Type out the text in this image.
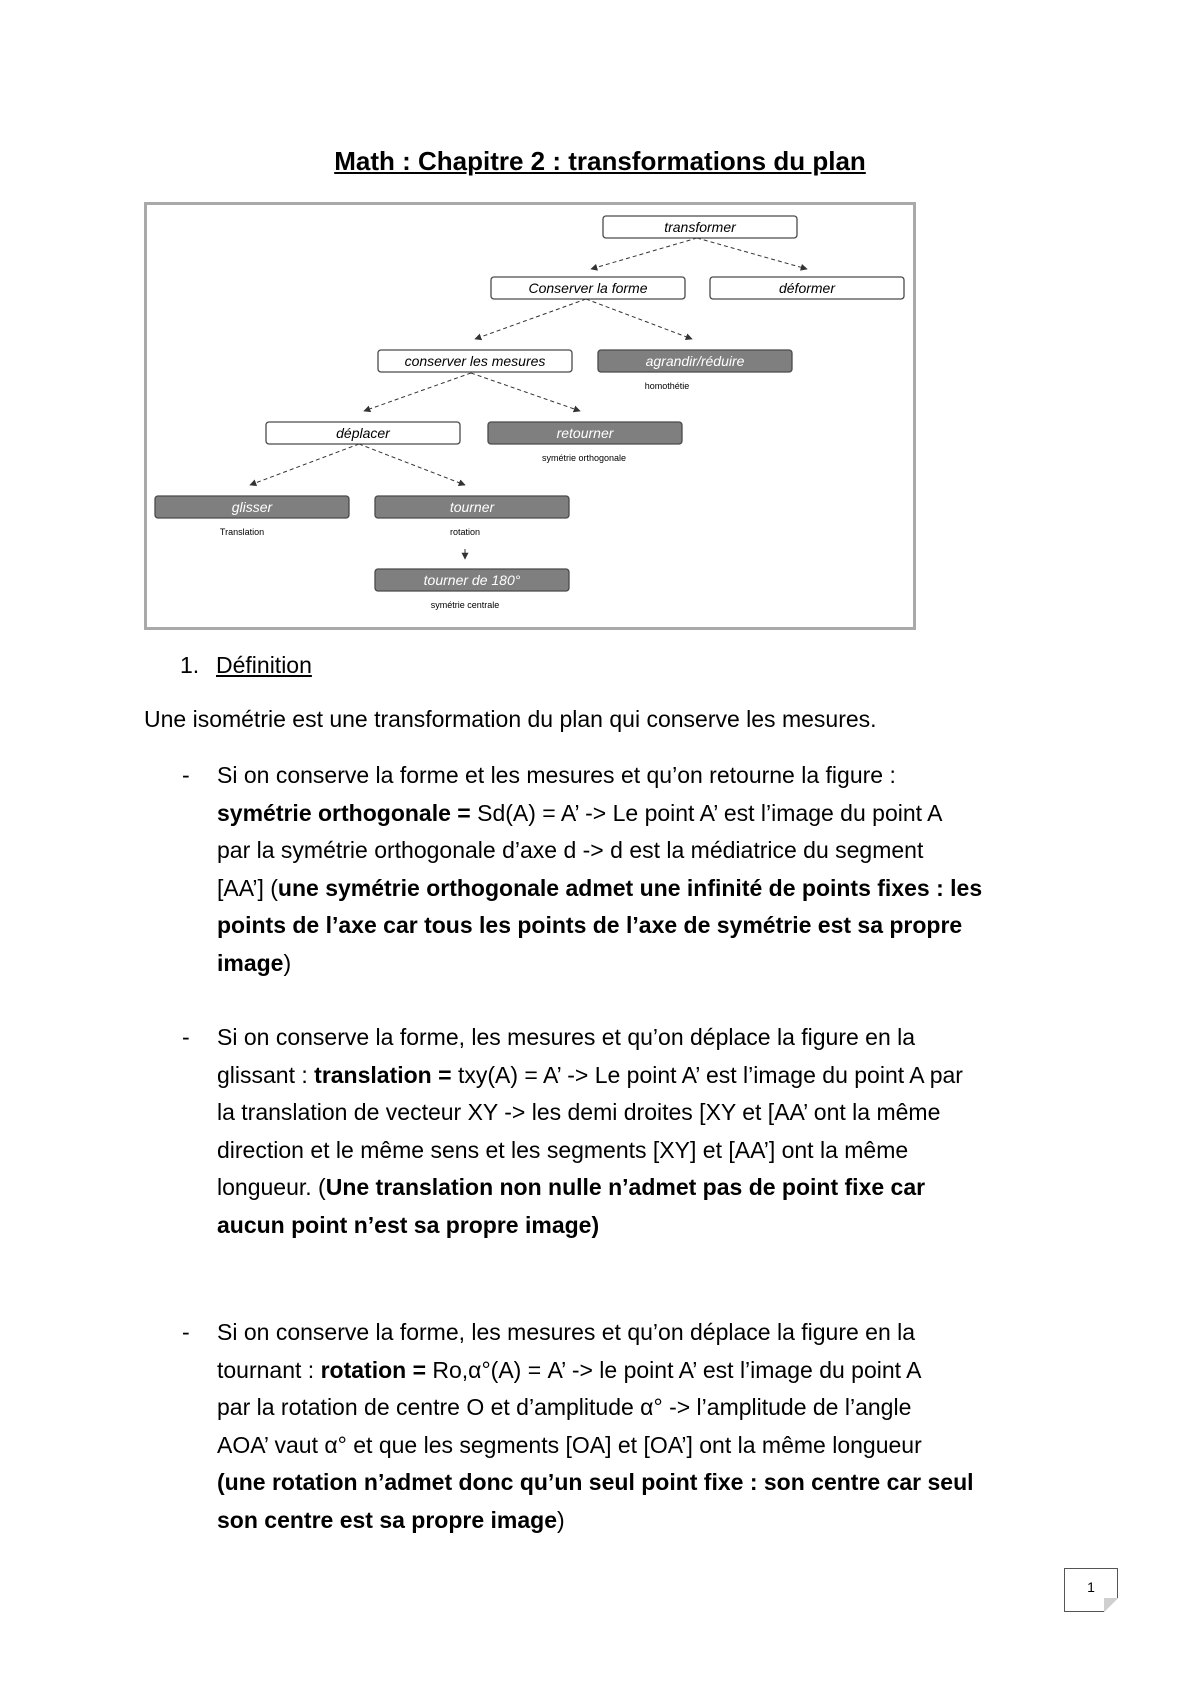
Math : Chapitre 2 : transformations du plan
transformer
Conserver la forme	déformer
conserver les mesures	agrandir/réduire
homothétie
déplacer	retourner
symétrie orthogonale
glisser
Translation
tourner
rotation
tourner de 180°
symétrie centrale
1. Définition
Une isométrie est une transformation du plan qui conserve les mesures.
- Si on conserve la forme et les mesures et qu’on retourne la figure :
symétrie orthogonale = Sd(A) = A’ -> Le point A’ est l’image du point A
par la symétrie orthogonale d’axe d -> d est la médiatrice du segment
[AA’] (une symétrie orthogonale admet une infinité de points fixes : les
points de l’axe car tous les points de l’axe de symétrie est sa propre
image)
- Si on conserve la forme, les mesures et qu’on déplace la figure en la
glissant : translation = txy(A) = A’ -> Le point A’ est l’image du point A par
la translation de vecteur XY -> les demi droites [XY et [AA’ ont la même
direction et le même sens et les segments [XY] et [AA’] ont la même
longueur. (Une translation non nulle n’admet pas de point fixe car
aucun point n’est sa propre image)
- Si on conserve la forme, les mesures et qu’on déplace la figure en la
tournant : rotation = Ro,α°(A) = A’ -> le point A’ est l’image du point A
par la rotation de centre O et d’amplitude α° -> l’amplitude de l’angle
AOA’ vaut α° et que les segments [OA] et [OA’] ont la même longueur
(une rotation n’admet donc qu’un seul point fixe : son centre car seul
son centre est sa propre image)
1
